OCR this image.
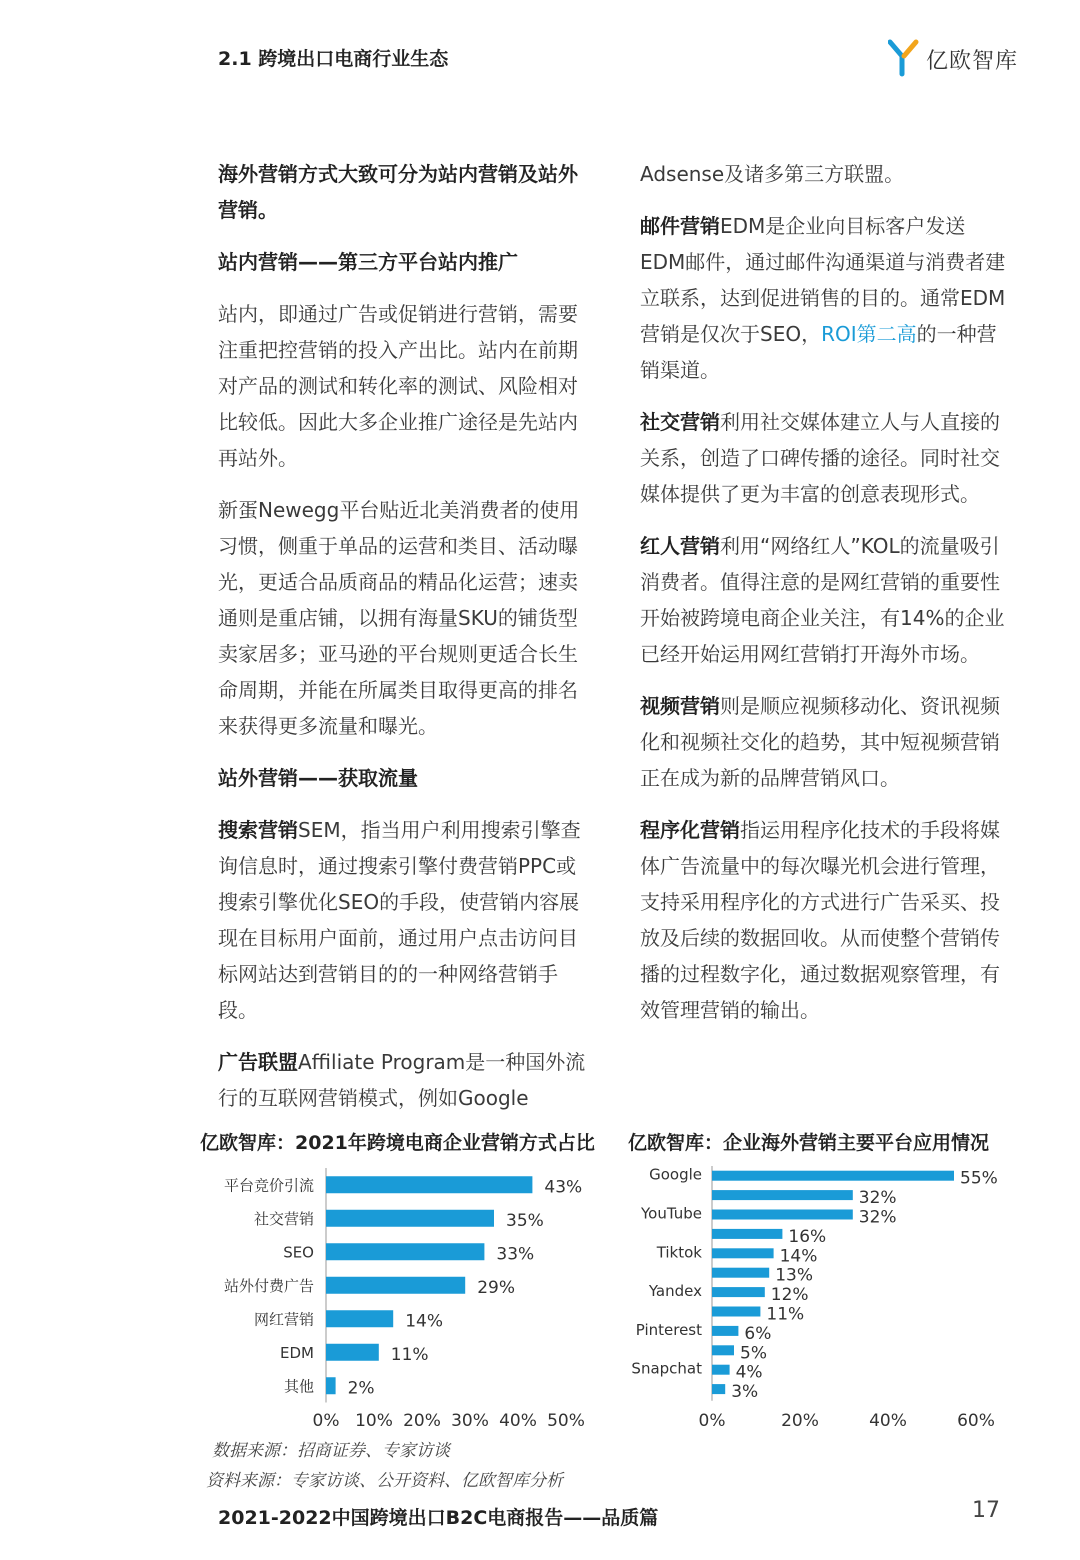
2.1 跨境出口电商行业生态	亿欧智库

海外营销方式大致可分为站内营销及站外营销。

站内营销——第三方平台站内推广

站内，即通过广告或促销进行营销，需要注重把控营销的投入产出比。站内在前期对产品的测试和转化率的测试、风险相对比较低。因此大多企业推广途径是先站内再站外。

新蛋Newegg平台贴近北美消费者的使用习惯，侧重于单品的运营和类目、活动曝光，更适合品质商品的精品化运营；速卖通则是重店铺，以拥有海量SKU的铺货型卖家居多；亚马逊的平台规则更适合长生命周期，并能在所属类目取得更高的排名来获得更多流量和曝光。

站外营销——获取流量

搜索营销SEM，指当用户利用搜索引擎查询信息时，通过搜索引擎付费营销PPC或搜索引擎优化SEO的手段，使营销内容展现在目标用户面前，通过用户点击访问目标网站达到营销目的的一种网络营销手段。

广告联盟Affiliate Program是一种国外流行的互联网营销模式，例如Google

Adsense及诸多第三方联盟。

邮件营销EDM是企业向目标客户发送EDM邮件，通过邮件沟通渠道与消费者建立联系，达到促进销售的目的。通常EDM营销是仅次于SEO，ROI第二高的一种营销渠道。

社交营销利用社交媒体建立人与人直接的关系，创造了口碑传播的途径。同时社交媒体提供了更为丰富的创意表现形式。

红人营销利用“网络红人”KOL的流量吸引消费者。值得注意的是网红营销的重要性开始被跨境电商企业关注，有14%的企业已经开始运用网红营销打开海外市场。

视频营销则是顺应视频移动化、资讯视频化和视频社交化的趋势，其中短视频营销正在成为新的品牌营销风口。

程序化营销指运用程序化技术的手段将媒体广告流量中的每次曝光机会进行管理，支持采用程序化的方式进行广告采买、投放及后续的数据回收。从而使整个营销传播的过程数字化，通过数据观察管理，有效管理营销的输出。

亿欧智库：2021年跨境电商企业营销方式占比
平台竞价引流	43%
社交营销	35%
SEO	33%
站外付费广告	29%
网红营销	14%
EDM	11%
其他 2%
0% 10% 20% 30% 40% 50%
亿欧智库：企业海外营销主要平台应用情况
55%
32%
32%
16%
14%
13%
12%
11%
6%
5%
4%
3%
Google
YouTube
Tiktok
Yandex
Pinterest
Snapchat
0%	20%	40%	60%
数据来源：招商证券、专家访谈
资料来源：专家访谈、公开资料、亿欧智库分析
2021-2022中国跨境出口B2C电商报告——品质篇	17
